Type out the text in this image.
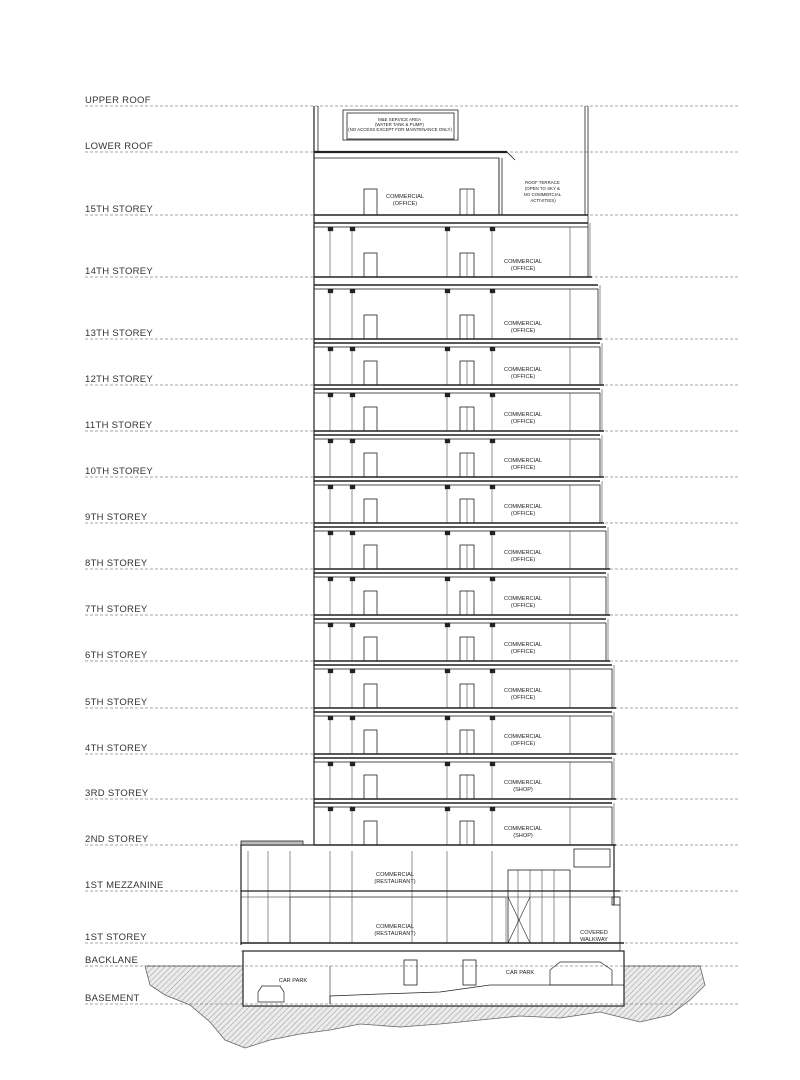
UPPER ROOF
LOWER ROOF
15TH STOREY
14TH STOREY
13TH STOREY
12TH STOREY
11TH STOREY
10TH STOREY
9TH STOREY
8TH STOREY
7TH STOREY
6TH STOREY
5TH STOREY
4TH STOREY
3RD STOREY
2ND STOREY
1ST MEZZANINE
1ST STOREY
BACKLANE
BASEMENT
COMMERCIAL (OFFICE)
COMMERCIAL (OFFICE)
COMMERCIAL (OFFICE)
COMMERCIAL (OFFICE)
COMMERCIAL (OFFICE)
COMMERCIAL (OFFICE)
COMMERCIAL (OFFICE)
COMMERCIAL (OFFICE)
COMMERCIAL (OFFICE)
COMMERCIAL (OFFICE)
COMMERCIAL (OFFICE)
COMMERCIAL (OFFICE)
COMMERCIAL (SHOP)
COMMERCIAL (SHOP)
COMMERCIAL (RESTAURANT)
COMMERCIAL (RESTAURANT)	COVERED WALKWAY
CAR PARK
CAR PARK
M&E SERVICE AREA (WATER TANK & PUMP) (NO ACCESS EXCEPT FOR MAINTENANCE ONLY)
ROOF TERRACE (OPEN TO SKY & NO COMMERCIAL ACTIVITIES)
